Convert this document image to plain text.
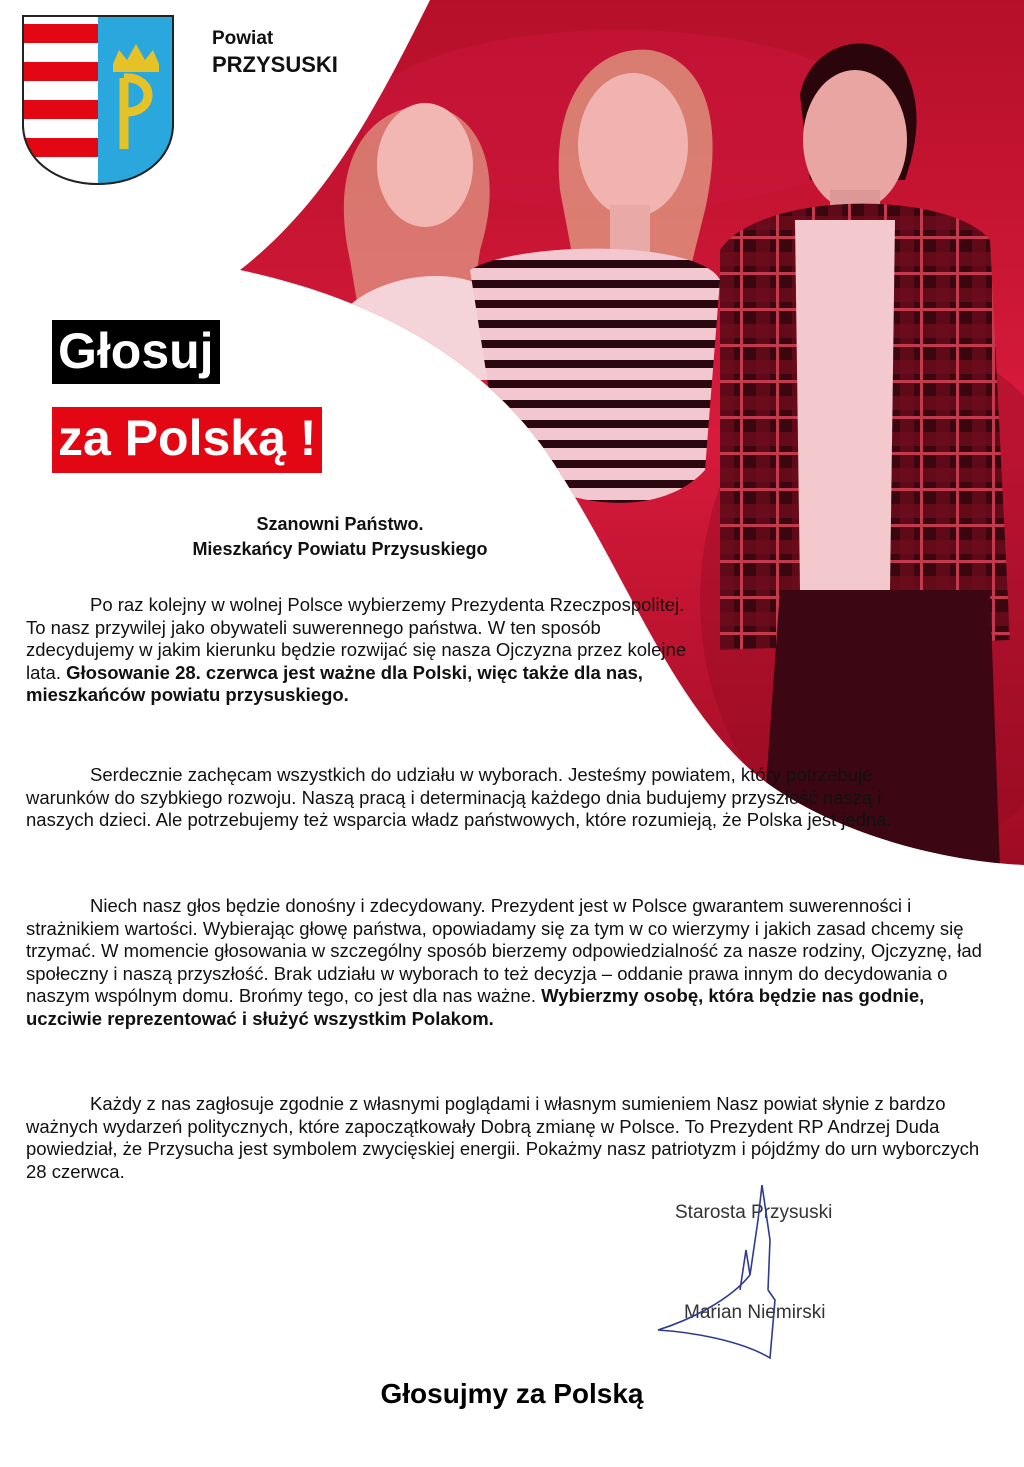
Powiat
PRZYSUSKI
Głosuj
za Polską !
Szanowni Państwo.
Mieszkańcy Powiatu Przysuskiego

Po raz kolejny w wolnej Polsce wybierzemy Prezydenta Rzeczpospolitej. To nasz przywilej jako obywateli suwerennego państwa. W ten sposób zdecydujemy w jakim kierunku będzie rozwijać się nasza Ojczyzna przez kolejne lata. Głosowanie 28. czerwca jest ważne dla Polski, więc także dla nas, mieszkańców powiatu przysuskiego.

Serdecznie zachęcam wszystkich do udziału w wyborach. Jesteśmy powiatem, który potrzebuje warunków do szybkiego rozwoju. Naszą pracą i determinacją każdego dnia budujemy przyszłość naszą i naszych dzieci. Ale potrzebujemy też wsparcia władz państwowych, które rozumieją, że Polska jest jedna.

Niech nasz głos będzie donośny i zdecydowany. Prezydent jest w Polsce gwarantem suwerenności i strażnikiem wartości. Wybierając głowę państwa, opowiadamy się za tym w co wierzymy i jakich zasad chcemy się trzymać. W momencie głosowania w szczególny sposób bierzemy odpowiedzialność za nasze rodziny, Ojczyznę, ład społeczny i naszą przyszłość. Brak udziału w wyborach to też decyzja – oddanie prawa innym do decydowania o naszym wspólnym domu. Brońmy tego, co jest dla nas ważne. Wybierzmy osobę, która będzie nas godnie, uczciwie reprezentować i służyć wszystkim Polakom.

Każdy z nas zagłosuje zgodnie z własnymi poglądami i własnym sumieniem Nasz powiat słynie z bardzo ważnych wydarzeń politycznych, które zapoczątkowały Dobrą zmianę w Polsce. To Prezydent RP Andrzej Duda powiedział, że Przysucha jest symbolem zwycięskiej energii. Pokażmy nasz patriotyzm i pójdźmy do urn wyborczych 28 czerwca.

Starosta Przysuski
Marian Niemirski
Głosujmy za Polską
